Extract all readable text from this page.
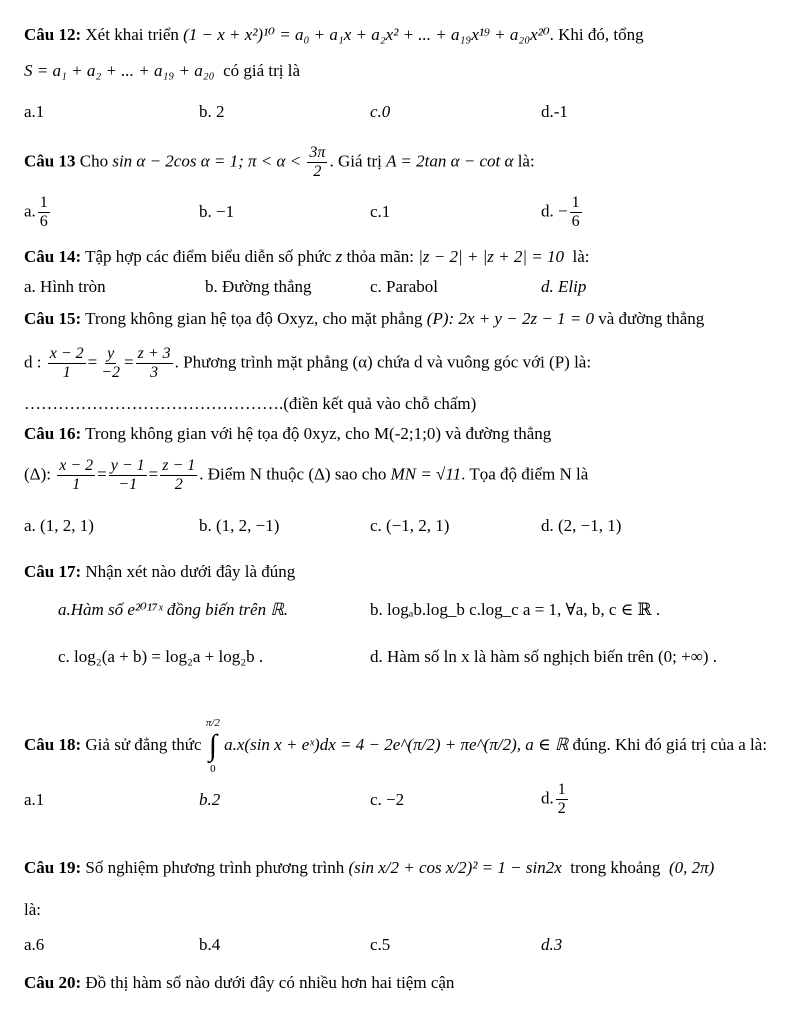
Câu 12: Xét khai triển (1 − x + x²)¹⁰ = a₀ + a₁x + a₂x² + ... + a₁₉x¹⁹ + a₂₀x²⁰. Khi đó, tổng
S = a₁ + a₂ + ... + a₁₉ + a₂₀ có giá trị là
a.1	b. 2	c.0	d.-1
Câu 13 Cho sin α − 2cos α = 1; $\pi < \alpha < \frac{3\pi}{2}$ . Giá trị A = 2tan α − cot α là:
a. $\frac{1}{6}$	b. −1	c.1	d. − $\frac{1}{6}$
Câu 14: Tập hợp các điểm biểu diễn số phức z thỏa mãn: |z − 2| + |z + 2| = 10 là:
a. Hình tròn	b. Đường thẳng	c. Parabol	d. Elip
Câu 15: Trong không gian hệ tọa độ Oxyz, cho mặt phẳng (P): 2x + y − 2z − 1 = 0 và đường thẳng
d : $\frac{x - 2}{1} = \frac{y}{-2} = \frac{z + 3}{3}$ . Phương trình mặt phẳng (α) chứa d và vuông góc với (P) là:
……………………………………….(điền kết quả vào chỗ chấm)
Câu 16: Trong không gian với hệ tọa độ 0xyz, cho M(-2;1;0) và đường thẳng
(Δ): $\frac{x - 2}{1} = \frac{y - 1}{-1} = \frac{z - 1}{2}$ . Điểm N thuộc (Δ) sao cho MN = √11. Tọa độ điểm N là
a. (1, 2, 1)	b. (1, 2, −1)	c. (−1, 2, 1)	d. (2, −1, 1)
Câu 17: Nhận xét nào dưới đây là đúng
a.Hàm số e²⁰¹⁷ˣ đồng biến trên ℝ.	b. logₐb.log_b c.log_c a = 1, ∀a, b, c ∈ ℝ .
c. log₂(a + b) = log₂a + log₂b .	d. Hàm số ln x là hàm số nghịch biến trên (0; +∞) .
Câu 18: Giả sử đẳng thức
π/2
∫
0
a.x(sin x + eˣ)dx = 4 − 2e^(π/2) + πe^(π/2), a ∈ ℝ đúng. Khi đó giá trị của a là:
a.1	b.2	c. −2	d. $\frac{1}{2}$
Câu 19: Số nghiệm phương trình phương trình (sin x/2 + cos x/2)² = 1 − sin2x trong khoảng (0, 2π)
là:
a.6	b.4	c.5	d.3
Câu 20: Đồ thị hàm số nào dưới đây có nhiều hơn hai tiệm cận
